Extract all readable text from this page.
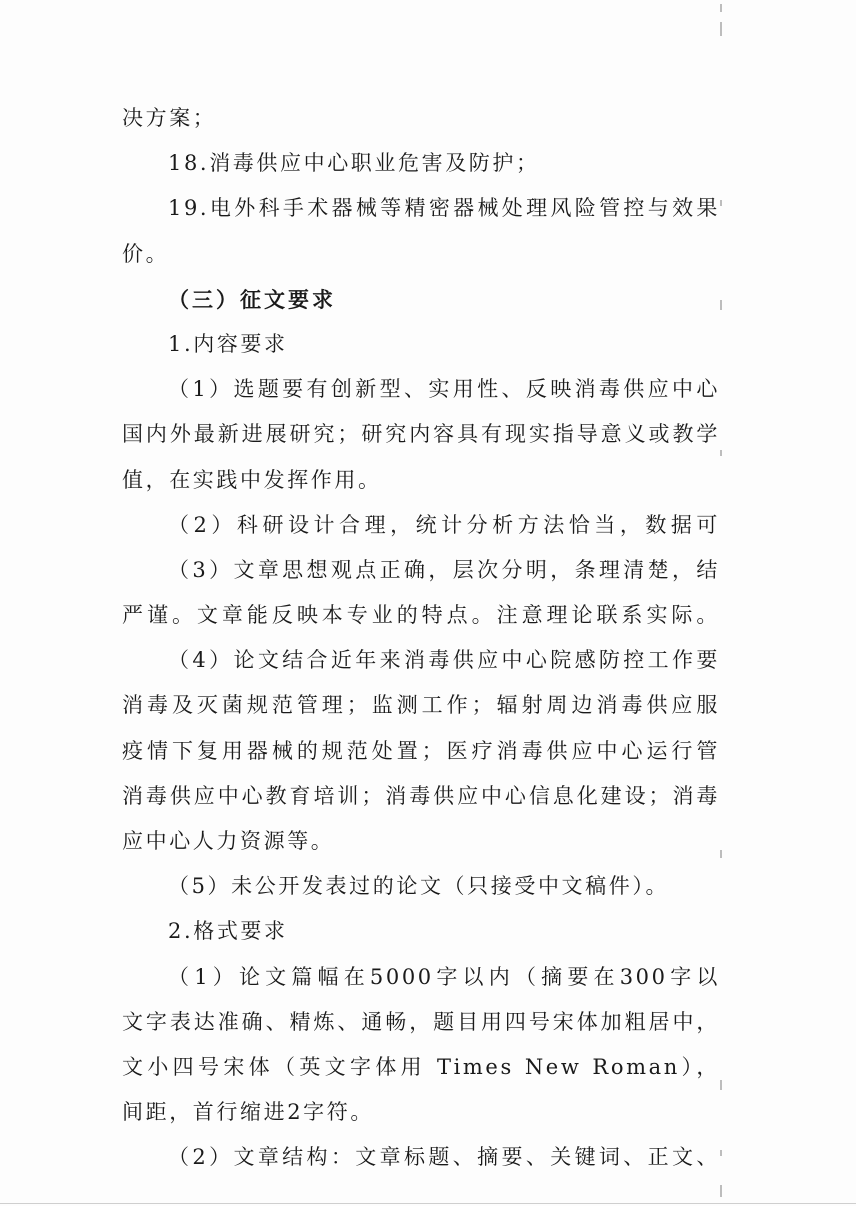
决方案；
18.消毒供应中心职业危害及防护；
19.电外科手术器械等精密器械处理风险管控与效果
价。
（三）征文要求
1.内容要求
（1）选题要有创新型、实用性、反映消毒供应中心
国内外最新进展研究；研究内容具有现实指导意义或教学
值，在实践中发挥作用。
（2）科研设计合理，统计分析方法恰当，数据可
（3）文章思想观点正确，层次分明，条理清楚，结
严谨。文章能反映本专业的特点。注意理论联系实际。
（4）论文结合近年来消毒供应中心院感防控工作要
消毒及灭菌规范管理；监测工作；辐射周边消毒供应服
疫情下复用器械的规范处置；医疗消毒供应中心运行管
消毒供应中心教育培训；消毒供应中心信息化建设；消毒
应中心人力资源等。
（5）未公开发表过的论文（只接受中文稿件）。
2.格式要求
（1）论文篇幅在5000字以内（摘要在300字以
文字表达准确、精炼、通畅，题目用四号宋体加粗居中，
文小四号宋体（英文字体用 Times New Roman），
间距，首行缩进2字符。
（2）文章结构：文章标题、摘要、关键词、正文、
